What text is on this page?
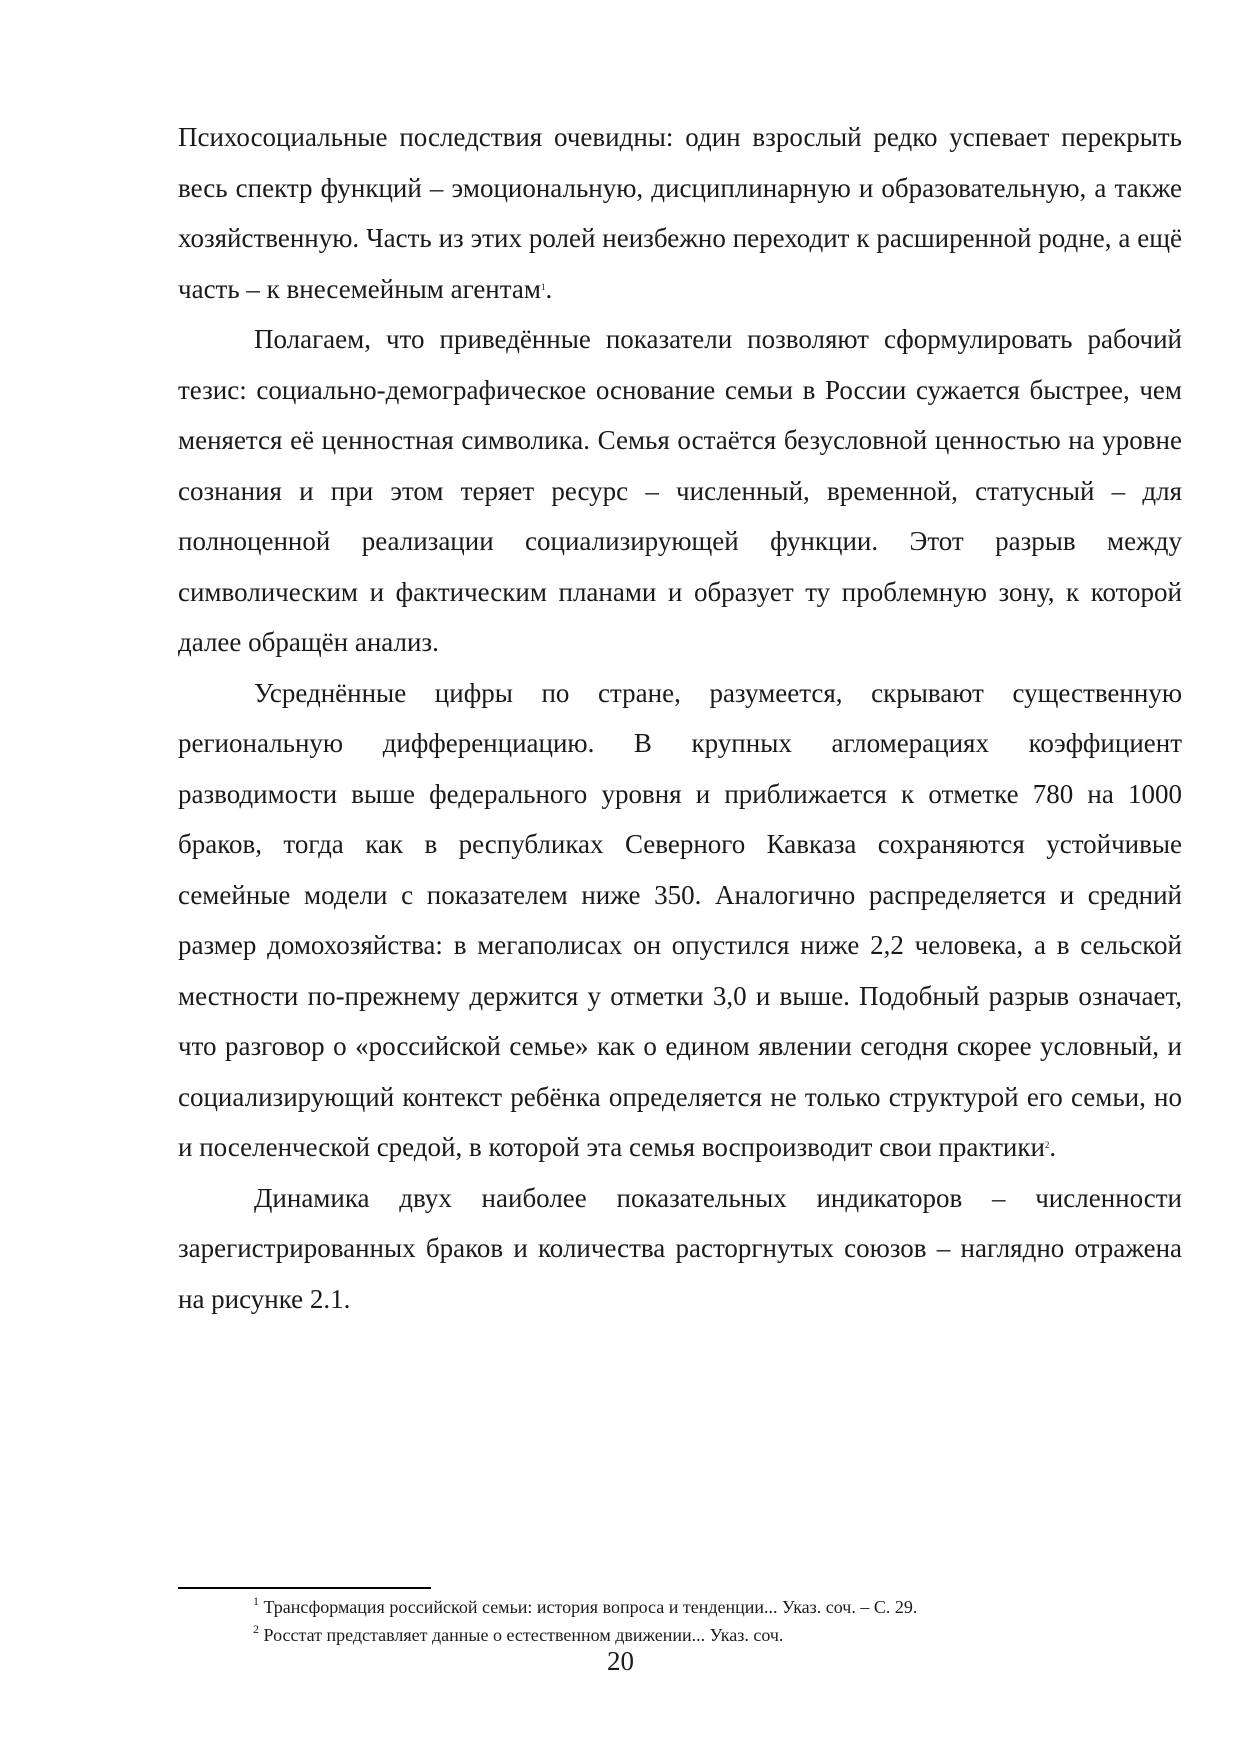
Психосоциальные последствия очевидны: один взрослый редко успевает перекрыть весь спектр функций – эмоциональную, дисциплинарную и образовательную, а также хозяйственную. Часть из этих ролей неизбежно переходит к расширенной родне, а ещё часть – к внесемейным агентам$^1$.

Полагаем, что приведённые показатели позволяют сформулировать рабочий тезис: социально-демографическое основание семьи в России сужается быстрее, чем меняется её ценностная символика. Семья остаётся безусловной ценностью на уровне сознания и при этом теряет ресурс – численный, временной, статусный – для полноценной реализации социализирующей функции. Этот разрыв между символическим и фактическим планами и образует ту проблемную зону, к которой далее обращён анализ.

Усреднённые цифры по стране, разумеется, скрывают существенную региональную дифференциацию. В крупных агломерациях коэффициент разводимости выше федерального уровня и приближается к отметке 780 на 1000 браков, тогда как в республиках Северного Кавказа сохраняются устойчивые семейные модели с показателем ниже 350. Аналогично распределяется и средний размер домохозяйства: в мегаполисах он опустился ниже 2,2 человека, а в сельской местности по-прежнему держится у отметки 3,0 и выше. Подобный разрыв означает, что разговор о «российской семье» как о едином явлении сегодня скорее условный, и социализирующий контекст ребёнка определяется не только структурой его семьи, но и поселенческой средой, в которой эта семья воспроизводит свои практики$^2$.

Динамика двух наиболее показательных индикаторов – численности зарегистрированных браков и количества расторгнутых союзов – наглядно отражена на рисунке 2.1.

$^1$ Трансформация российской семьи: история вопроса и тенденции... Указ. соч. – С. 29.

$^2$ Росстат представляет данные о естественном движении... Указ. соч.

20
